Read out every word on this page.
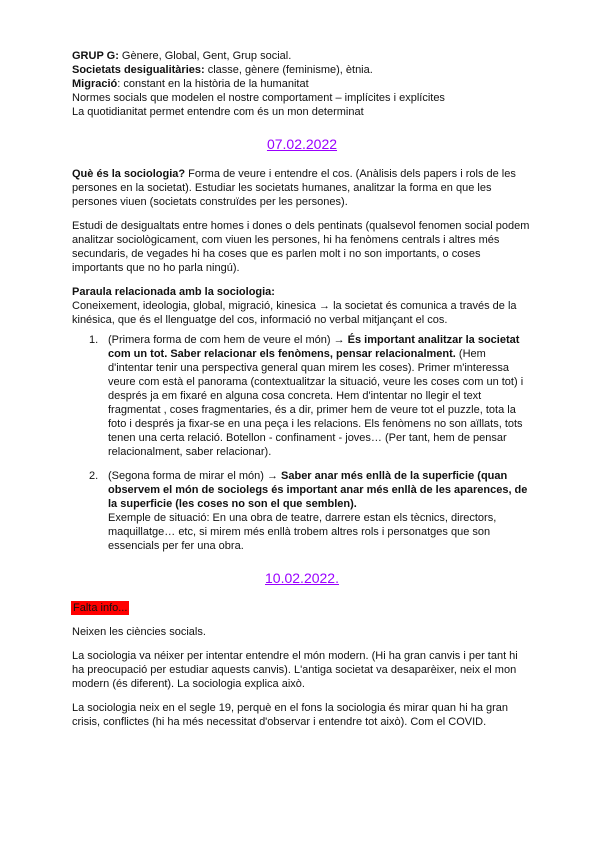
GRUP G: Gènere, Global, Gent, Grup social.

Societats desigualitàries: classe, gènere (feminisme), ètnia.

Migració: constant en la història de la humanitat

Normes socials que modelen el nostre comportament – implícites i explícites

La quotidianitat permet entendre com és un mon determinat

07.02.2022

Què és la sociologia? Forma de veure i entendre el cos. (Anàlisis dels papers i rols de les persones en la societat). Estudiar les societats humanes, analitzar la forma en que les persones viuen (societats construïdes per les persones).

Estudi de desigualtats entre homes i dones o dels pentinats (qualsevol fenomen social podem analitzar sociològicament, com viuen les persones, hi ha fenòmens centrals i altres més secundaris, de vegades hi ha coses que es parlen molt i no son importants, o coses importants que no ho parla ningú).

Paraula relacionada amb la sociologia:

Coneixement, ideologia, global, migració, kinesica → la societat és comunica a través de la kinésica, que és el llenguatge del cos, informació no verbal mitjançant el cos.

1. (Primera forma de com hem de veure el món) → És important analitzar la societat com un tot. Saber relacionar els fenòmens, pensar relacionalment. (Hem d'intentar tenir una perspectiva general quan mirem les coses). Primer m'interessa veure com està el panorama (contextualitzar la situació, veure les coses com un tot) i després ja em fixaré en alguna cosa concreta. Hem d'intentar no llegir el text fragmentat , coses fragmentaries, és a dir, primer hem de veure tot el puzzle, tota la foto i després ja fixar-se en una peça i les relacions. Els fenòmens no son aïllats, tots tenen una certa relació. Botellon - confinament - joves… (Per tant, hem de pensar relacionalment, saber relacionar).
2. (Segona forma de mirar el món) → Saber anar més enllà de la superficie (quan observem el món de sociolegs és important anar més enllà de les aparences, de la superficie (les coses no son el que semblen).
Exemple de situació: En una obra de teatre, darrere estan els tècnics, directors, maquillatge… etc, si mirem més enllà trobem altres rols i personatges que son essencials per fer una obra.
10.02.2022.
Falta info...

Neixen les ciències socials.

La sociologia va néixer per intentar entendre el món modern. (Hi ha gran canvis i per tant hi ha preocupació per estudiar aquests canvis). L'antiga societat va desaparèixer, neix el mon modern (és diferent). La sociologia explica això.

La sociologia neix en el segle 19, perquè en el fons la sociologia és mirar quan hi ha gran crisis, conflictes (hi ha més necessitat d'observar i entendre tot això). Com el COVID.
